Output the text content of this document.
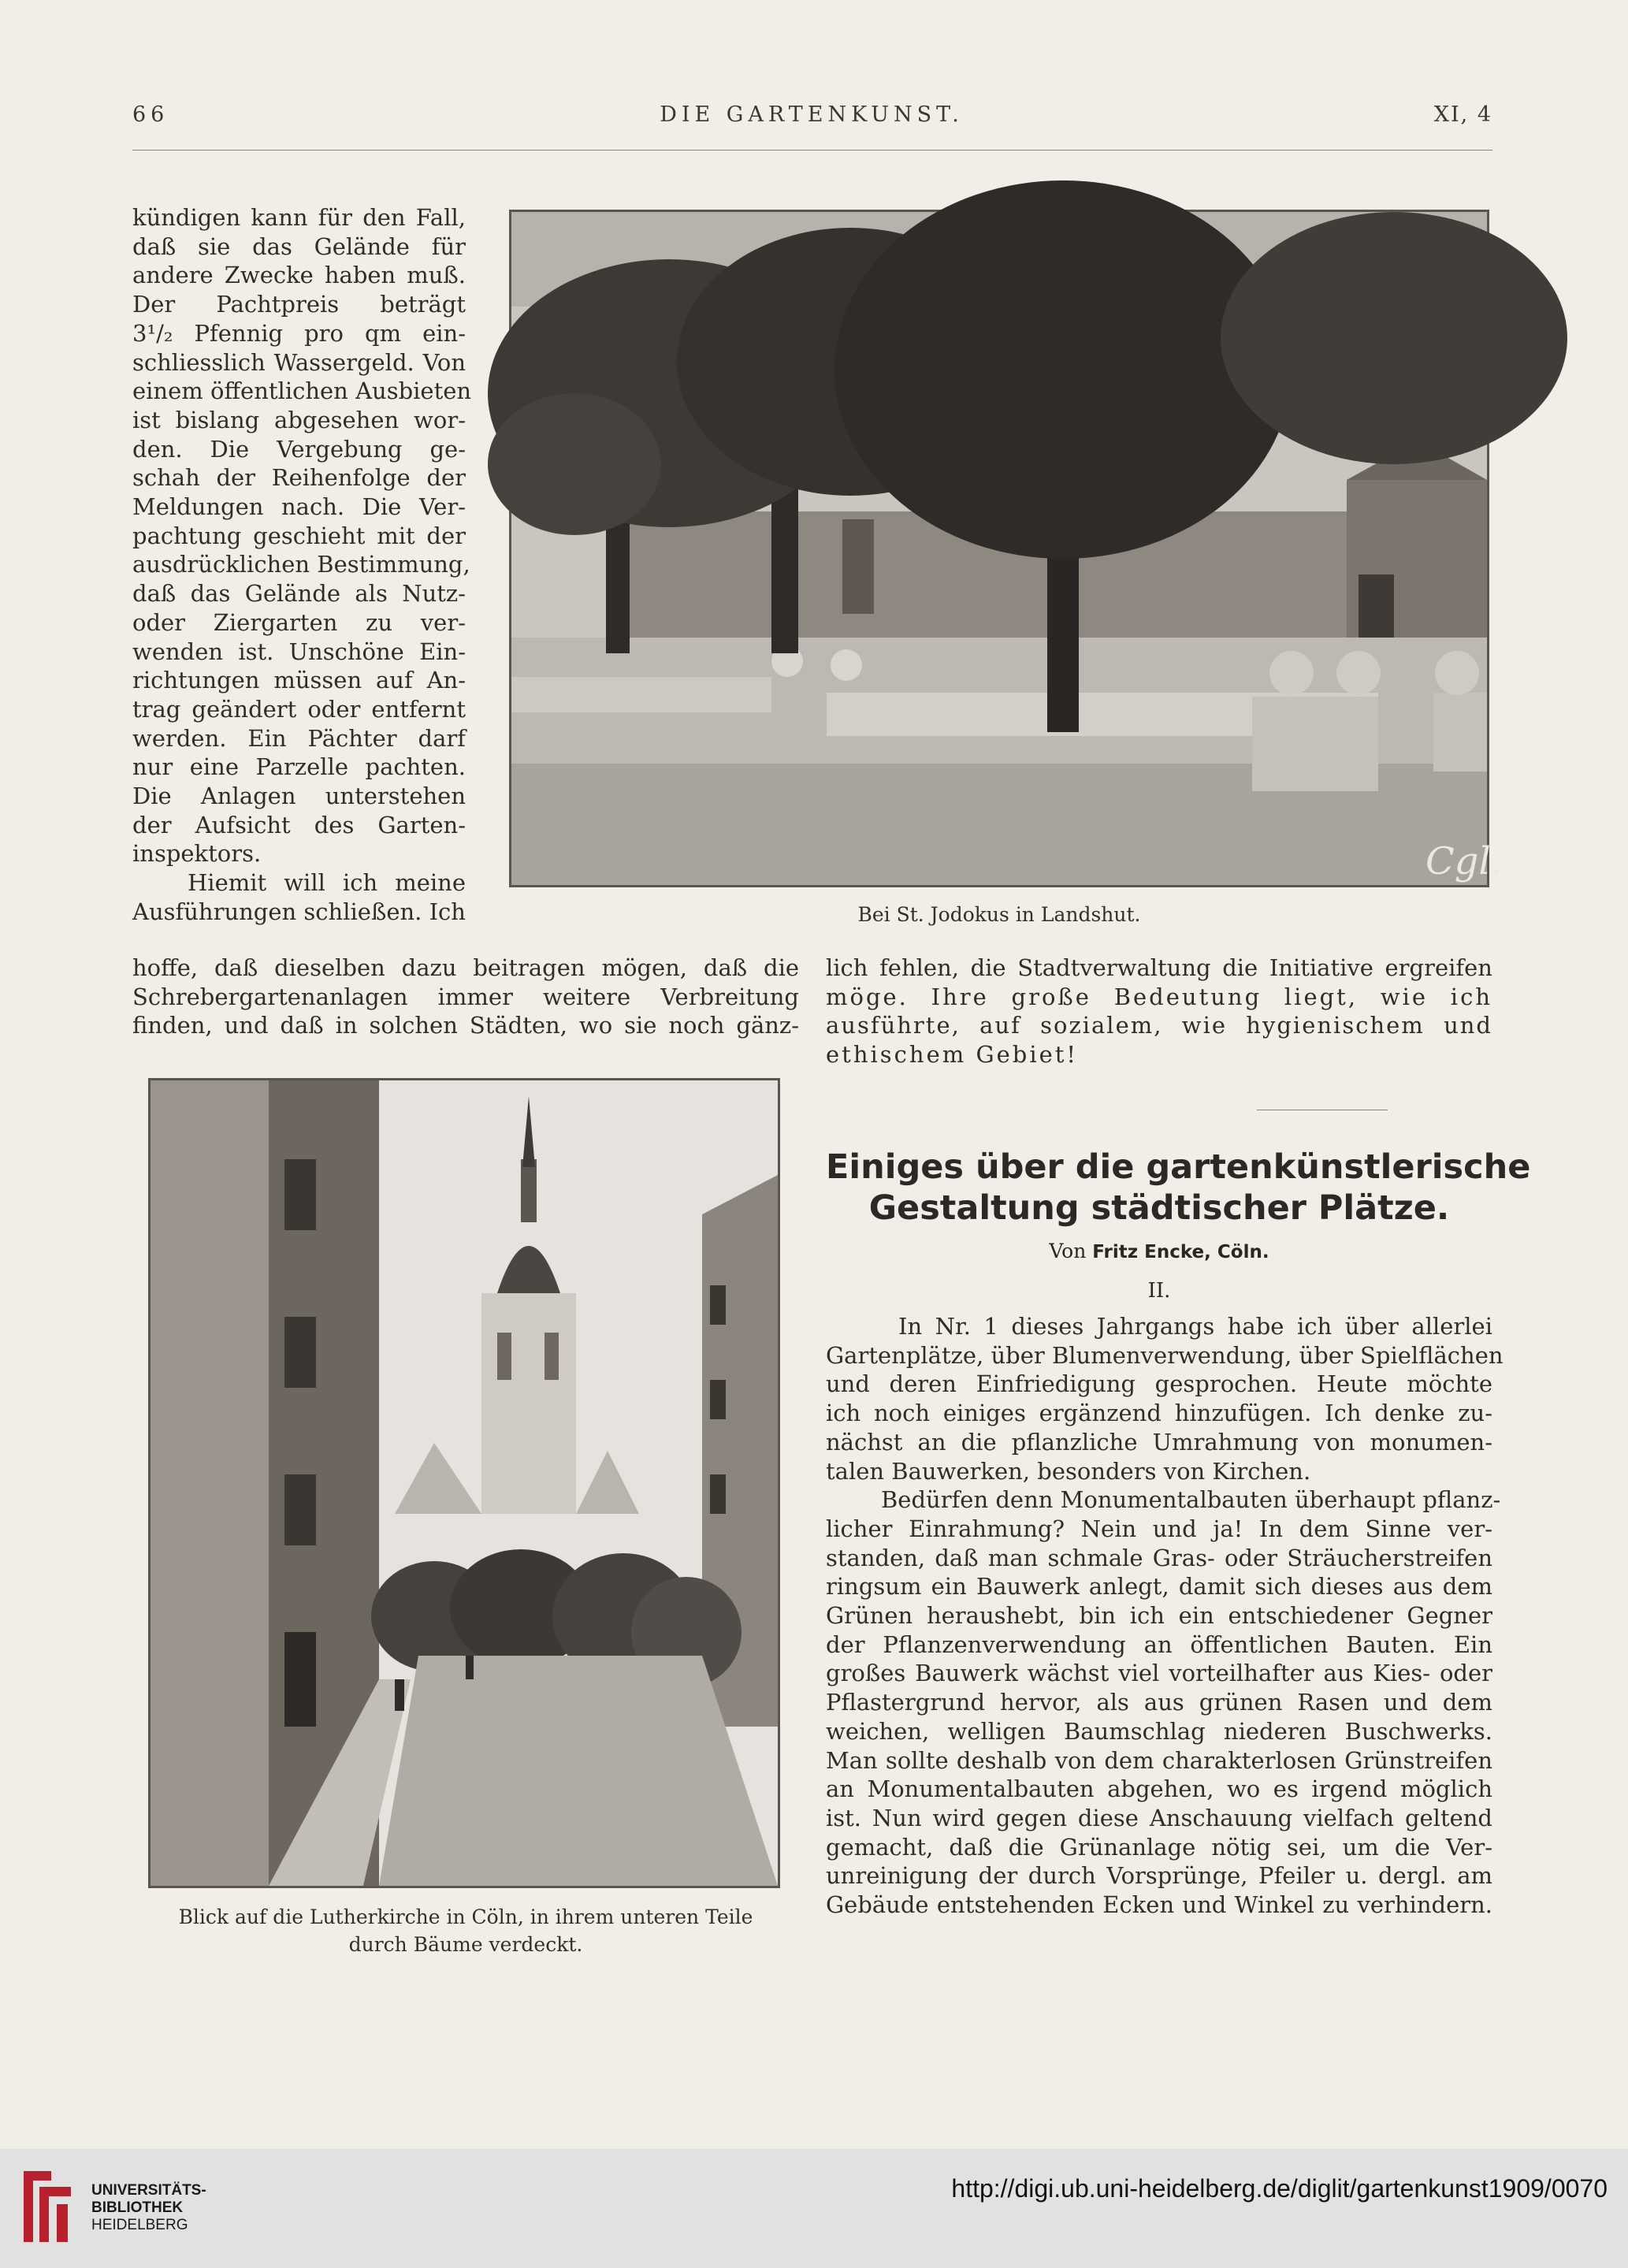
66	DIE GARTENKUNST.	XI, 4
kündigen kann für den Fall,
daß sie das Gelände für
andere Zwecke haben muß.
Der Pachtpreis beträgt
3¹/₂ Pfennig pro qm ein-
schliesslich Wassergeld. Von
einem öffentlichen Ausbieten
ist bislang abgesehen wor-
den. Die Vergebung ge-
schah der Reihenfolge der
Meldungen nach. Die Ver-
pachtung geschieht mit der
ausdrücklichen Bestimmung,
daß das Gelände als Nutz-
oder Ziergarten zu ver-
wenden ist. Unschöne Ein-
richtungen müssen auf An-
trag geändert oder entfernt
werden. Ein Pächter darf
nur eine Parzelle pachten.
Die Anlagen unterstehen
der Aufsicht des Garten-
inspektors.
Hiemit will ich meine
Ausführungen schließen. Ich
hoffe, daß dieselben dazu beitragen mögen, daß die
Schrebergartenanlagen immer weitere Verbreitung
finden, und daß in solchen Städten, wo sie noch gänz-
lich fehlen, die Stadtverwaltung die Initiative ergreifen
möge. Ihre große Bedeutung liegt, wie ich
ausführte, auf sozialem, wie hygienischem und
ethischem Gebiet!
Cgl.
Bei St. Jodokus in Landshut.
Blick auf die Lutherkirche in Cöln, in ihrem unteren Teile
durch Bäume verdeckt.
Einiges über die gartenkünstlerische
Gestaltung städtischer Plätze.
Von Fritz Encke, Cöln.
II.
In Nr. 1 dieses Jahrgangs habe ich über allerlei
Gartenplätze, über Blumenverwendung, über Spielflächen
und deren Einfriedigung gesprochen. Heute möchte
ich noch einiges ergänzend hinzufügen. Ich denke zu-
nächst an die pflanzliche Umrahmung von monumen-
talen Bauwerken, besonders von Kirchen.
Bedürfen denn Monumentalbauten überhaupt pflanz-
licher Einrahmung? Nein und ja! In dem Sinne ver-
standen, daß man schmale Gras- oder Sträucherstreifen
ringsum ein Bauwerk anlegt, damit sich dieses aus dem
Grünen heraushebt, bin ich ein entschiedener Gegner
der Pflanzenverwendung an öffentlichen Bauten. Ein
großes Bauwerk wächst viel vorteilhafter aus Kies- oder
Pflastergrund hervor, als aus grünen Rasen und dem
weichen, welligen Baumschlag niederen Buschwerks.
Man sollte deshalb von dem charakterlosen Grünstreifen
an Monumentalbauten abgehen, wo es irgend möglich
ist. Nun wird gegen diese Anschauung vielfach geltend
gemacht, daß die Grünanlage nötig sei, um die Ver-
unreinigung der durch Vorsprünge, Pfeiler u. dergl. am
Gebäude entstehenden Ecken und Winkel zu verhindern.
UNIVERSITÄTS-
BIBLIOTHEK
HEIDELBERG
http://digi.ub.uni-heidelberg.de/diglit/gartenkunst1909/0070
